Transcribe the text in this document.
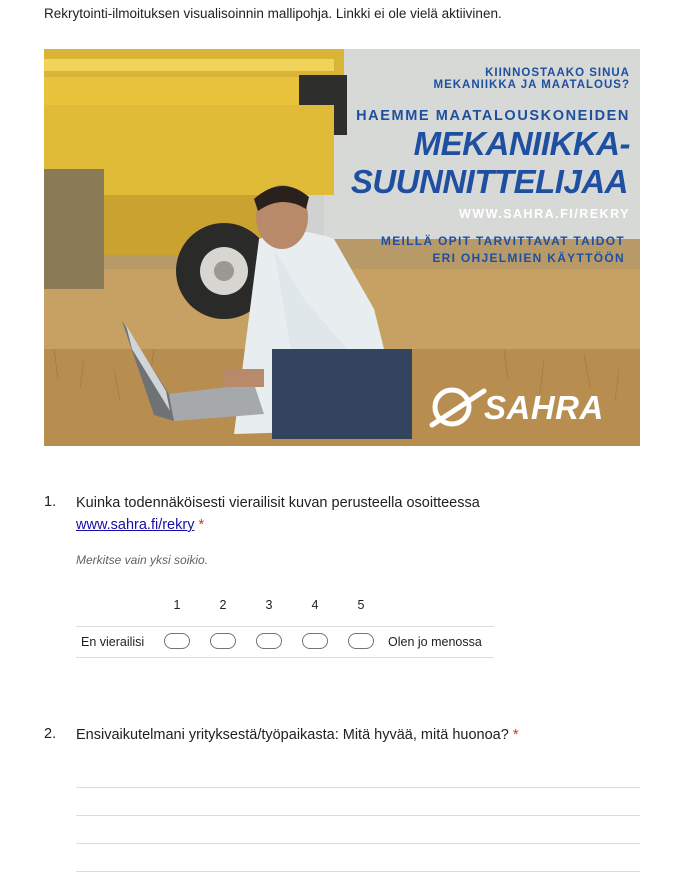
Rekrytointi-ilmoituksen visualisoinnin mallipohja. Linkki ei ole vielä aktiivinen.
KIINNOSTAAKO SINUA
MEKANIIKKA JA MAATALOUS?
HAEMME MAATALOUSKONEIDEN
MEKANIIKKA-
SUUNNITTELIJAA
WWW.SAHRA.FI/REKRY
MEILLÄ OPIT TARVITTAVAT TAIDOT
ERI OHJELMIEN KÄYTTÖÖN
SAHRA
1. Kuinka todennäköisesti vierailisit kuvan perusteella osoitteessa
www.sahra.fi/rekry *
Merkitse vain yksi soikio.
1	2	3	4	5
En vierailisi	Olen jo menossa
2. Ensivaikutelmani yrityksestä/työpaikasta: Mitä hyvää, mitä huonoa? *
